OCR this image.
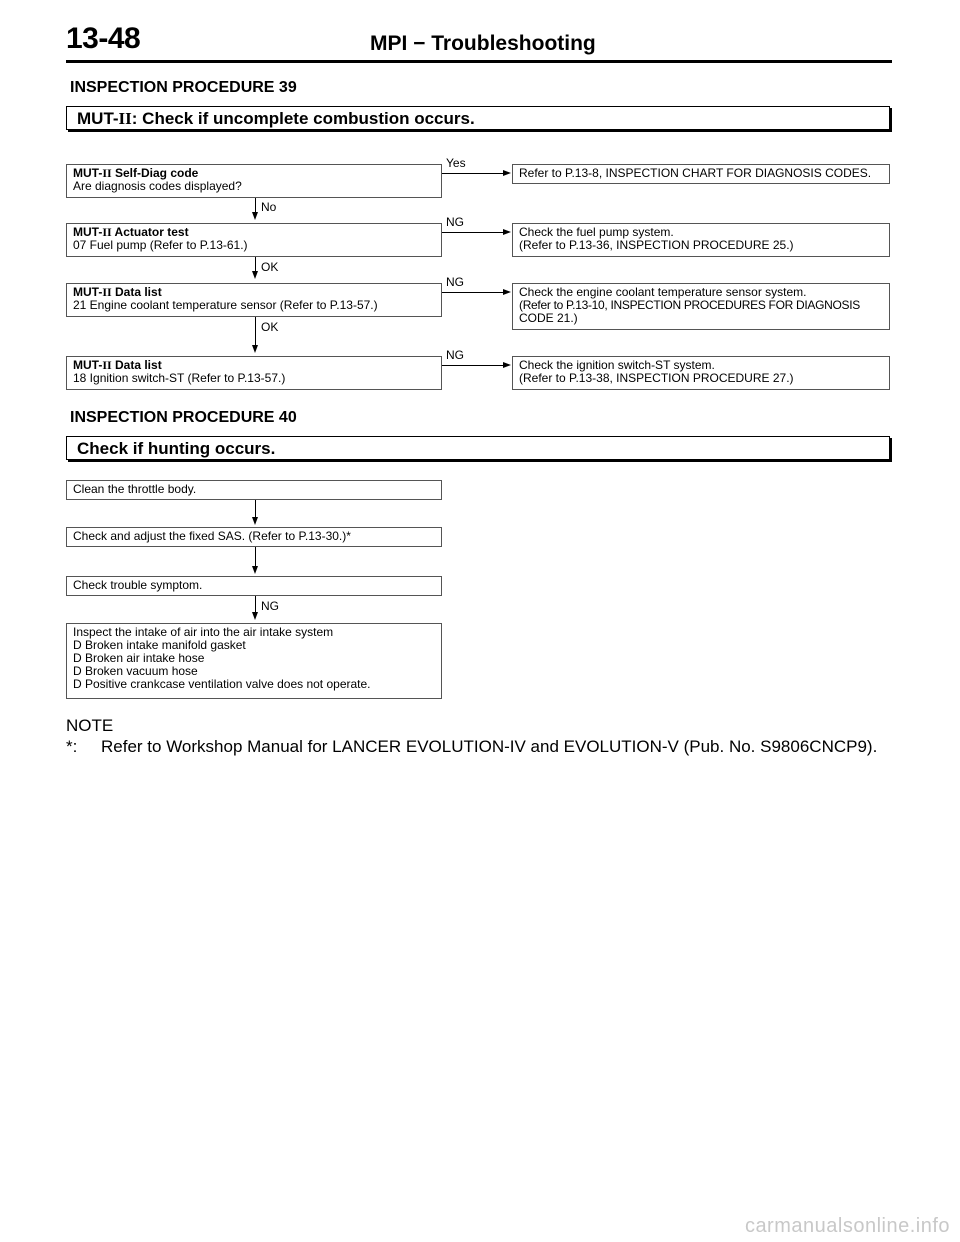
13-48	MPI − Troubleshooting
INSPECTION PROCEDURE 39
MUT-II: Check if uncomplete combustion occurs.
MUT-II Self-Diag code
Are diagnosis codes displayed?
Yes
Refer to P.13-8, INSPECTION CHART FOR DIAGNOSIS CODES.
No
MUT-II Actuator test
07 Fuel pump (Refer to P.13-61.)
NG
Check the fuel pump system.
(Refer to P.13-36, INSPECTION PROCEDURE 25.)
OK
MUT-II Data list
21 Engine coolant temperature sensor (Refer to P.13-57.)
NG
Check the engine coolant temperature sensor system.
(Refer to P.13-10, INSPECTION PROCEDURES FOR DIAGNOSIS
CODE 21.)
OK
MUT-II Data list
18 Ignition switch-ST (Refer to P.13-57.)
NG
Check the ignition switch-ST system.
(Refer to P.13-38, INSPECTION PROCEDURE 27.)
INSPECTION PROCEDURE 40
Check if hunting occurs.
Clean the throttle body.
Check and adjust the fixed SAS. (Refer to P.13-30.)*
Check trouble symptom.
NG
Inspect the intake of air into the air intake system
D Broken intake manifold gasket
D Broken air intake hose
D Broken vacuum hose
D Positive crankcase ventilation valve does not operate.
NOTE
*: Refer to Workshop Manual for LANCER EVOLUTION-IV and EVOLUTION-V (Pub. No. S9806CNCP9).
carmanualsonline.info
